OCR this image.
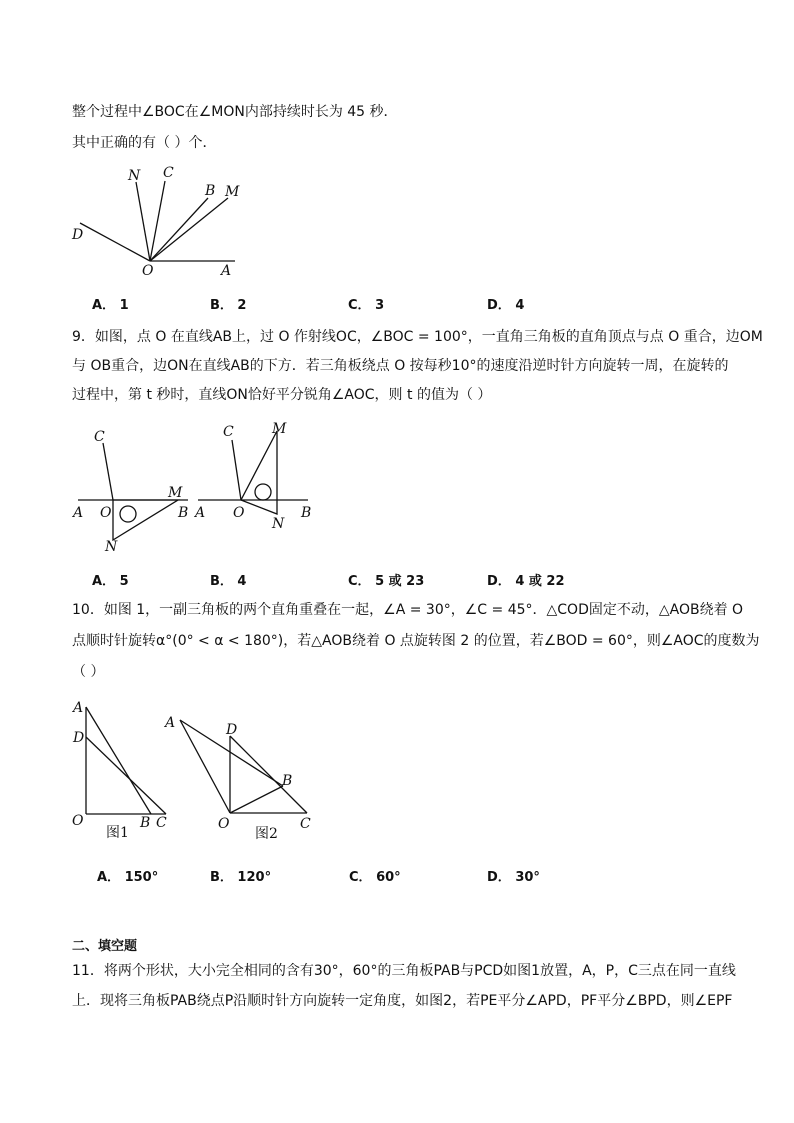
整个过程中∠BOC在∠MON内部持续时长为 45 秒．
其中正确的有（ ）个．
N C
B M
D
O	A
A． 1	B． 2	C． 3	D． 4
9．如图，点 O 在直线AB上，过 O 作射线OC，∠BOC = 100°，一直角三角板的直角顶点与点 O 重合，边OM
与 OB重合，边ON在直线AB的下方．若三角板绕点 O 按每秒10°的速度沿逆时针方向旋转一周，在旋转的
过程中，第 t 秒时，直线ON恰好平分锐角∠AOC，则 t 的值为（ ）
C
A O
M
B
N
C	M
A O
N
B
A． 5	B． 4	C． 5 或 23	D． 4 或 22
10．如图 1，一副三角板的两个直角重叠在一起，∠A = 30°，∠C = 45°．△COD固定不动，△AOB绕着 O
点顺时针旋转α°(0° < α < 180°)，若△AOB绕着 O 点旋转图 2 的位置，若∠BOD = 60°，则∠AOC的度数为
（ ）
A
D
O	B C
图1
A	D
B
O	C
图2
A． 150°	B． 120°	C． 60°	D． 30°
二、填空题
11．将两个形状，大小完全相同的含有30°，60°的三角板PAB与PCD如图1放置，A，P，C三点在同一直线
上．现将三角板PAB绕点P沿顺时针方向旋转一定角度，如图2，若PE平分∠APD，PF平分∠BPD，则∠EPF
